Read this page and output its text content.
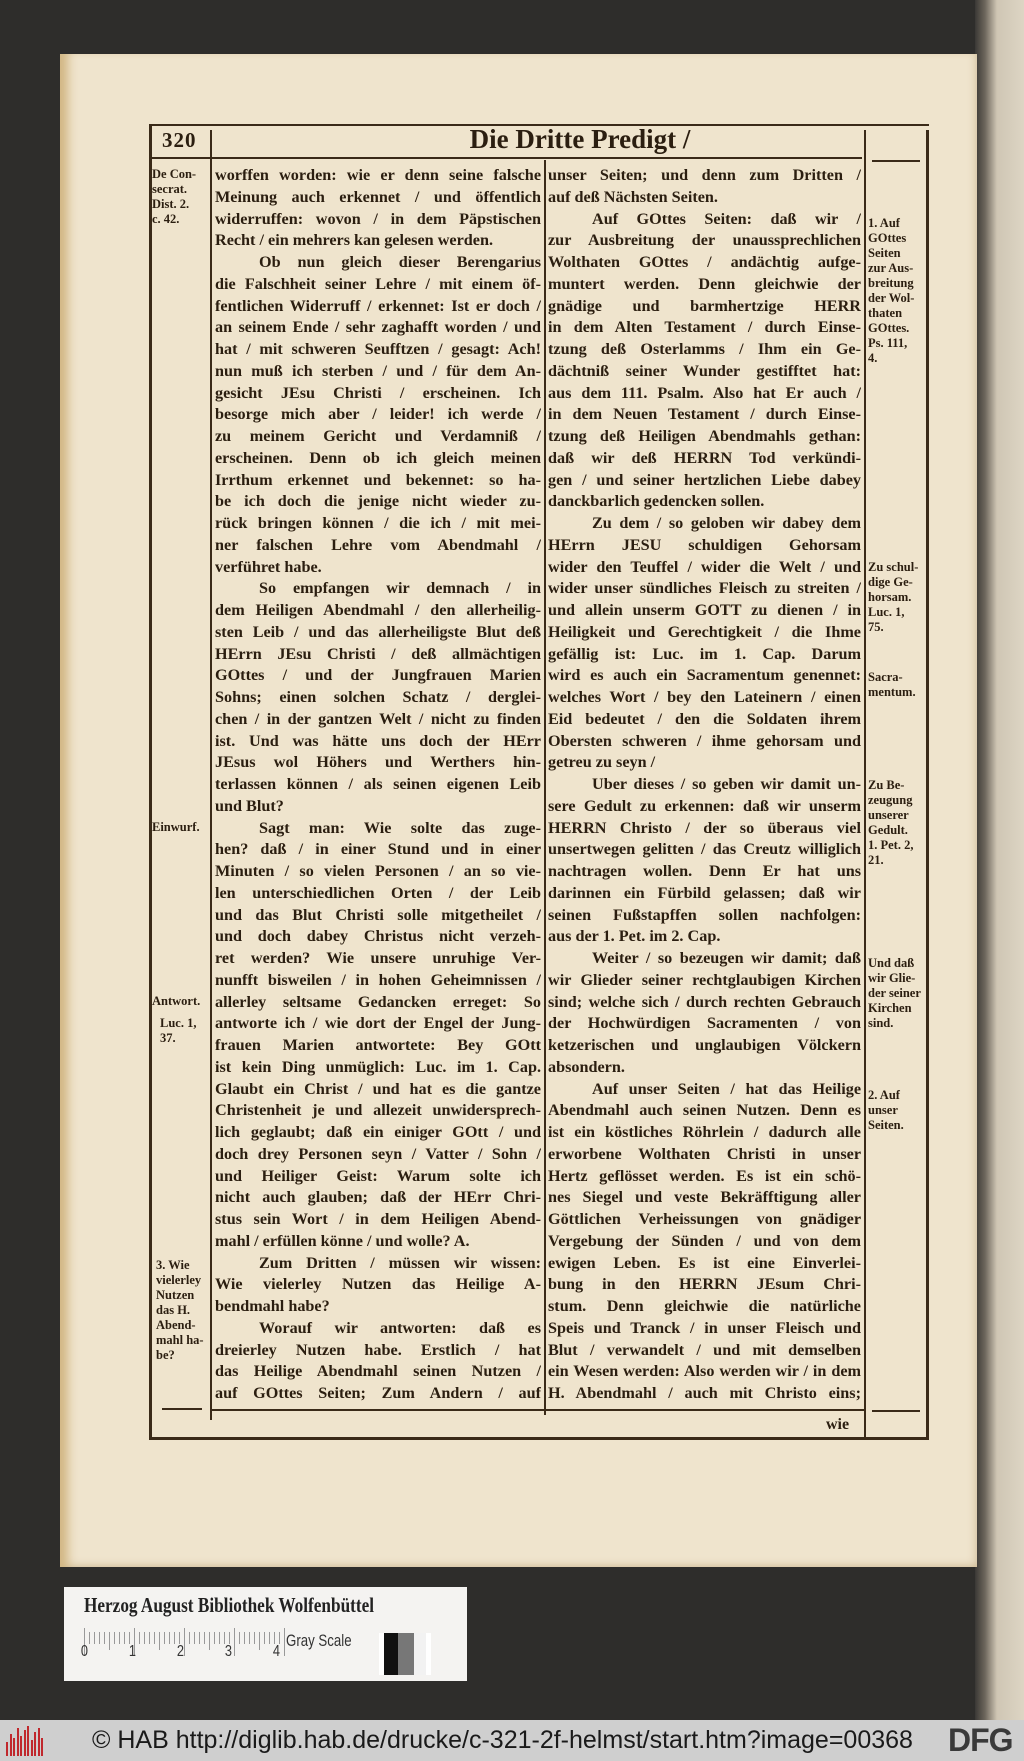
320	Die Dritte Predigt /
worffen worden: wie er denn seine falsche
Meinung auch erkennet / und öffentlich
widerruffen: wovon / in dem Päpstischen
Recht / ein mehrers kan gelesen werden.
Ob nun gleich dieser Berengarius
die Falschheit seiner Lehre / mit einem öf-
fentlichen Widerruff / erkennet: Ist er doch /
an seinem Ende / sehr zaghafft worden / und
hat / mit schweren Seufftzen / gesagt: Ach!
nun muß ich sterben / und / für dem An-
gesicht JEsu Christi / erscheinen. Ich
besorge mich aber / leider! ich werde /
zu meinem Gericht und Verdamniß /
erscheinen. Denn ob ich gleich meinen
Irrthum erkennet und bekennet: so ha-
be ich doch die jenige nicht wieder zu-
rück bringen können / die ich / mit mei-
ner falschen Lehre vom Abendmahl /
verführet habe.
So empfangen wir demnach / in
dem Heiligen Abendmahl / den allerheilig-
sten Leib / und das allerheiligste Blut deß
HErrn JEsu Christi / deß allmächtigen
GOttes / und der Jungfrauen Marien
Sohns; einen solchen Schatz / derglei-
chen / in der gantzen Welt / nicht zu finden
ist. Und was hätte uns doch der HErr
JEsus wol Höhers und Werthers hin-
terlassen können / als seinen eigenen Leib
und Blut?
Sagt man: Wie solte das zuge-
hen? daß / in einer Stund und in einer
Minuten / so vielen Personen / an so vie-
len unterschiedlichen Orten / der Leib
und das Blut Christi solle mitgetheilet /
und doch dabey Christus nicht verzeh-
ret werden? Wie unsere unruhige Ver-
nunfft bisweilen / in hohen Geheimnissen /
allerley seltsame Gedancken erreget: So
antworte ich / wie dort der Engel der Jung-
frauen Marien antwortete: Bey GOtt
ist kein Ding unmüglich: Luc. im 1. Cap.
Glaubt ein Christ / und hat es die gantze
Christenheit je und allezeit unwidersprech-
lich geglaubt; daß ein einiger GOtt / und
doch drey Personen seyn / Vatter / Sohn /
und Heiliger Geist: Warum solte ich
nicht auch glauben; daß der HErr Chri-
stus sein Wort / in dem Heiligen Abend-
mahl / erfüllen könne / und wolle? A.
Zum Dritten / müssen wir wissen:
Wie vielerley Nutzen das Heilige A-
bendmahl habe?
Worauf wir antworten: daß es
dreierley Nutzen habe. Erstlich / hat
das Heilige Abendmahl seinen Nutzen /
auf GOttes Seiten; Zum Andern / auf
unser Seiten; und denn zum Dritten /
auf deß Nächsten Seiten.
Auf GOttes Seiten: daß wir /
zur Ausbreitung der unaussprechlichen
Wolthaten GOttes / andächtig aufge-
muntert werden. Denn gleichwie der
gnädige und barmhertzige HERR
in dem Alten Testament / durch Einse-
tzung deß Osterlamms / Ihm ein Ge-
dächtniß seiner Wunder gestifftet hat:
aus dem 111. Psalm. Also hat Er auch /
in dem Neuen Testament / durch Einse-
tzung deß Heiligen Abendmahls gethan:
daß wir deß HERRN Tod verkündi-
gen / und seiner hertzlichen Liebe dabey
danckbarlich gedencken sollen.
Zu dem / so geloben wir dabey dem
HErrn JESU schuldigen Gehorsam
wider den Teuffel / wider die Welt / und
wider unser sündliches Fleisch zu streiten /
und allein unserm GOTT zu dienen / in
Heiligkeit und Gerechtigkeit / die Ihme
gefällig ist: Luc. im 1. Cap. Darum
wird es auch ein Sacramentum genennet:
welches Wort / bey den Lateinern / einen
Eid bedeutet / den die Soldaten ihrem
Obersten schweren / ihme gehorsam und
getreu zu seyn /
Uber dieses / so geben wir damit un-
sere Gedult zu erkennen: daß wir unserm
HERRN Christo / der so überaus viel
unsertwegen gelitten / das Creutz williglich
nachtragen wollen. Denn Er hat uns
darinnen ein Fürbild gelassen; daß wir
seinen Fußstapffen sollen nachfolgen:
aus der 1. Pet. im 2. Cap.
Weiter / so bezeugen wir damit; daß
wir Glieder seiner rechtglaubigen Kirchen
sind; welche sich / durch rechten Gebrauch
der Hochwürdigen Sacramenten / von
ketzerischen und unglaubigen Völckern
absondern.
Auf unser Seiten / hat das Heilige
Abendmahl auch seinen Nutzen. Denn es
ist ein köstliches Röhrlein / dadurch alle
erworbene Wolthaten Christi in unser
Hertz geflösset werden. Es ist ein schö-
nes Siegel und veste Bekräfftigung aller
Göttlichen Verheissungen von gnädiger
Vergebung der Sünden / und von dem
ewigen Leben. Es ist eine Einverlei-
bung in den HERRN JEsum Chri-
stum. Denn gleichwie die natürliche
Speis und Tranck / in unser Fleisch und
Blut / verwandelt / und mit demselben
ein Wesen werden: Also werden wir / in dem
H. Abendmahl / auch mit Christo eins;
De Con-
secrat.
Dist. 2.
c. 42.
Einwurf.
Antwort.
Luc. 1,
37.
3. Wie
vielerley
Nutzen
das H.
Abend-
mahl ha-
be?
1. Auf
GOttes
Seiten
zur Aus-
breitung
der Wol-
thaten
GOttes.
Ps. 111,
4.
Zu schul-
dige Ge-
horsam.
Luc. 1,
75.
Sacra-
mentum.
Zu Be-
zeugung
unserer
Gedult.
1. Pet. 2,
21.
Und daß
wir Glie-
der seiner
Kirchen
sind.
2. Auf
unser
Seiten.
wie
Herzog August Bibliothek Wolfenbüttel
Gray Scale
0	1	2	3	4
© HAB http://diglib.hab.de/drucke/c-321-2f-helmst/start.htm?image=00368 DFG
